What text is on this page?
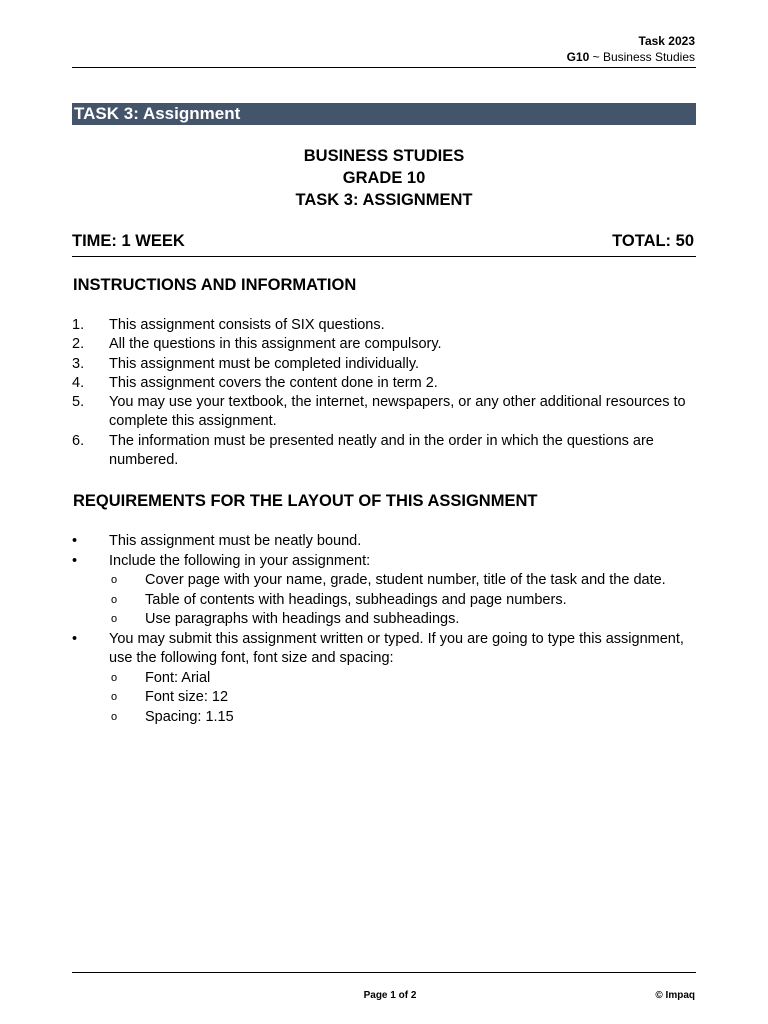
Task 2023
G10 ~ Business Studies
TASK 3: Assignment
BUSINESS STUDIES
GRADE 10
TASK 3: ASSIGNMENT
TIME: 1 WEEK	TOTAL: 50
INSTRUCTIONS AND INFORMATION
1. This assignment consists of SIX questions.
2. All the questions in this assignment are compulsory.
3. This assignment must be completed individually.
4. This assignment covers the content done in term 2.
5. You may use your textbook, the internet, newspapers, or any other additional resources to complete this assignment.
6. The information must be presented neatly and in the order in which the questions are numbered.
REQUIREMENTS FOR THE LAYOUT OF THIS ASSIGNMENT
• This assignment must be neatly bound.
• Include the following in your assignment:
o Cover page with your name, grade, student number, title of the task and the date.
o Table of contents with headings, subheadings and page numbers.
o Use paragraphs with headings and subheadings.
• You may submit this assignment written or typed. If you are going to type this assignment, use the following font, font size and spacing:
o Font: Arial
o Font size: 12
o Spacing: 1.15
Page 1 of 2	© Impaq
